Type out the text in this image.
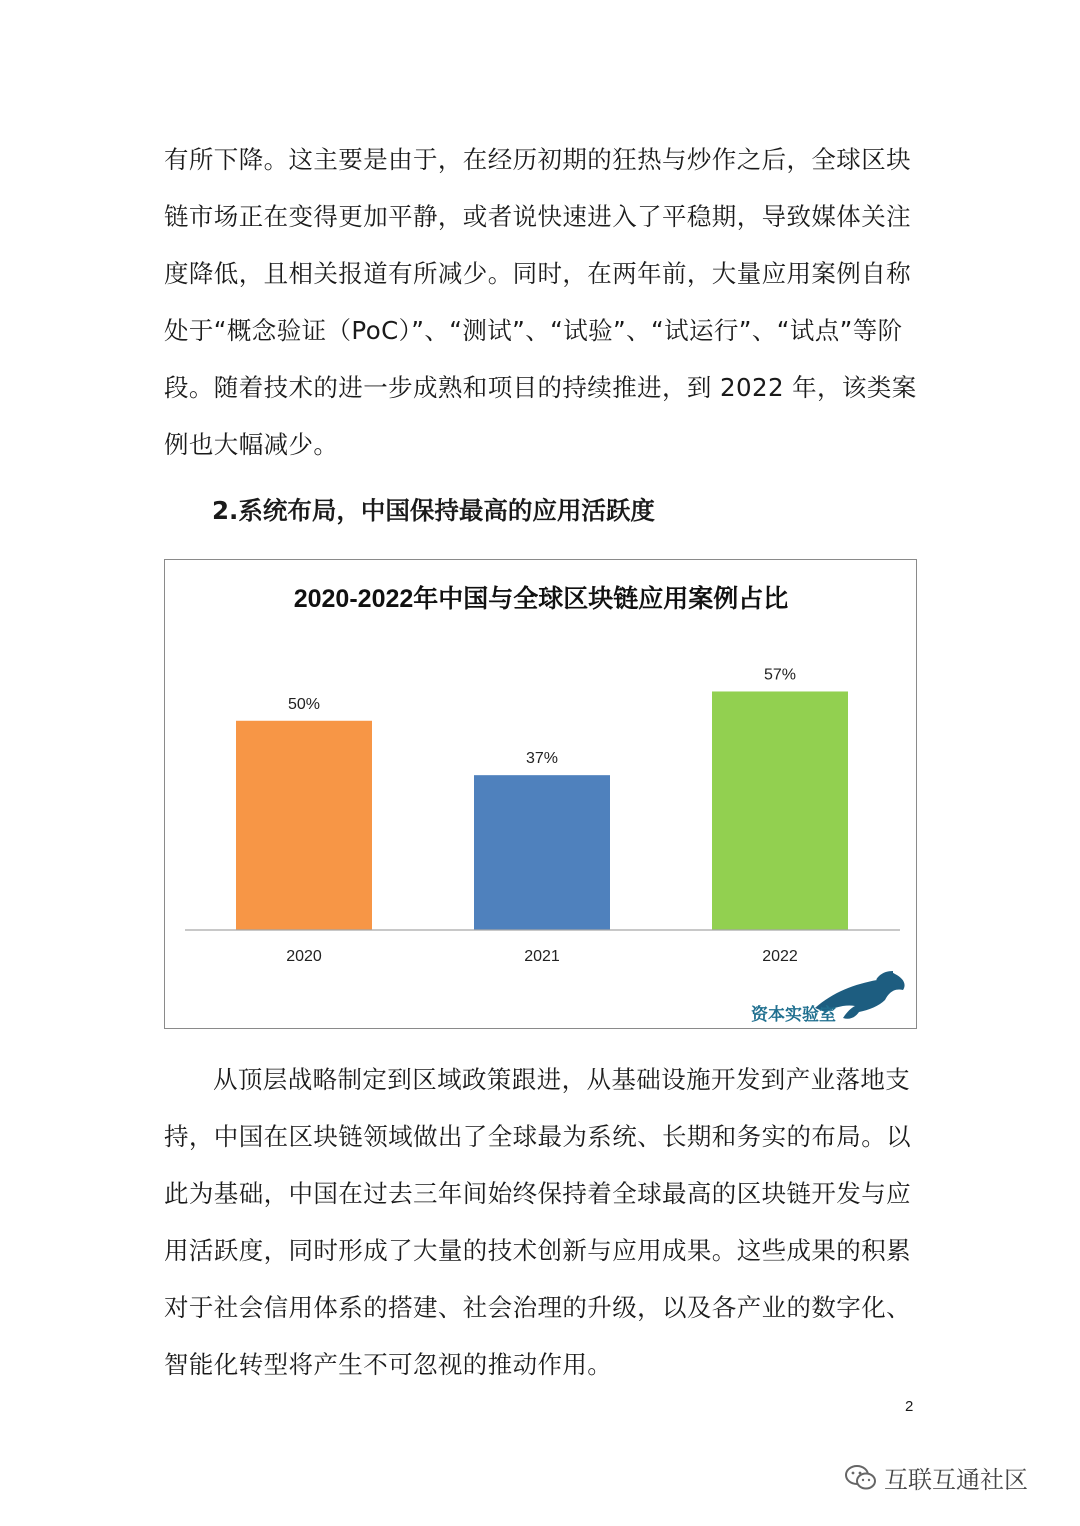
有所下降。这主要是由于，在经历初期的狂热与炒作之后，全球区块
链市场正在变得更加平静，或者说快速进入了平稳期，导致媒体关注
度降低，且相关报道有所减少。同时，在两年前，大量应用案例自称
处于“概念验证（PoC）”、“测试”、“试验”、“试运行”、“试点”等阶
段。随着技术的进一步成熟和项目的持续推进，到 2022 年，该类案
例也大幅减少。
2.系统布局，中国保持最高的应用活跃度
2020-2022年中国与全球区块链应用案例占比
50%
2020
37%
2021
57%
2022
资本实验室
从顶层战略制定到区域政策跟进，从基础设施开发到产业落地支
持，中国在区块链领域做出了全球最为系统、长期和务实的布局。以
此为基础，中国在过去三年间始终保持着全球最高的区块链开发与应
用活跃度，同时形成了大量的技术创新与应用成果。这些成果的积累
对于社会信用体系的搭建、社会治理的升级，以及各产业的数字化、
智能化转型将产生不可忽视的推动作用。
2
互联互通社区
